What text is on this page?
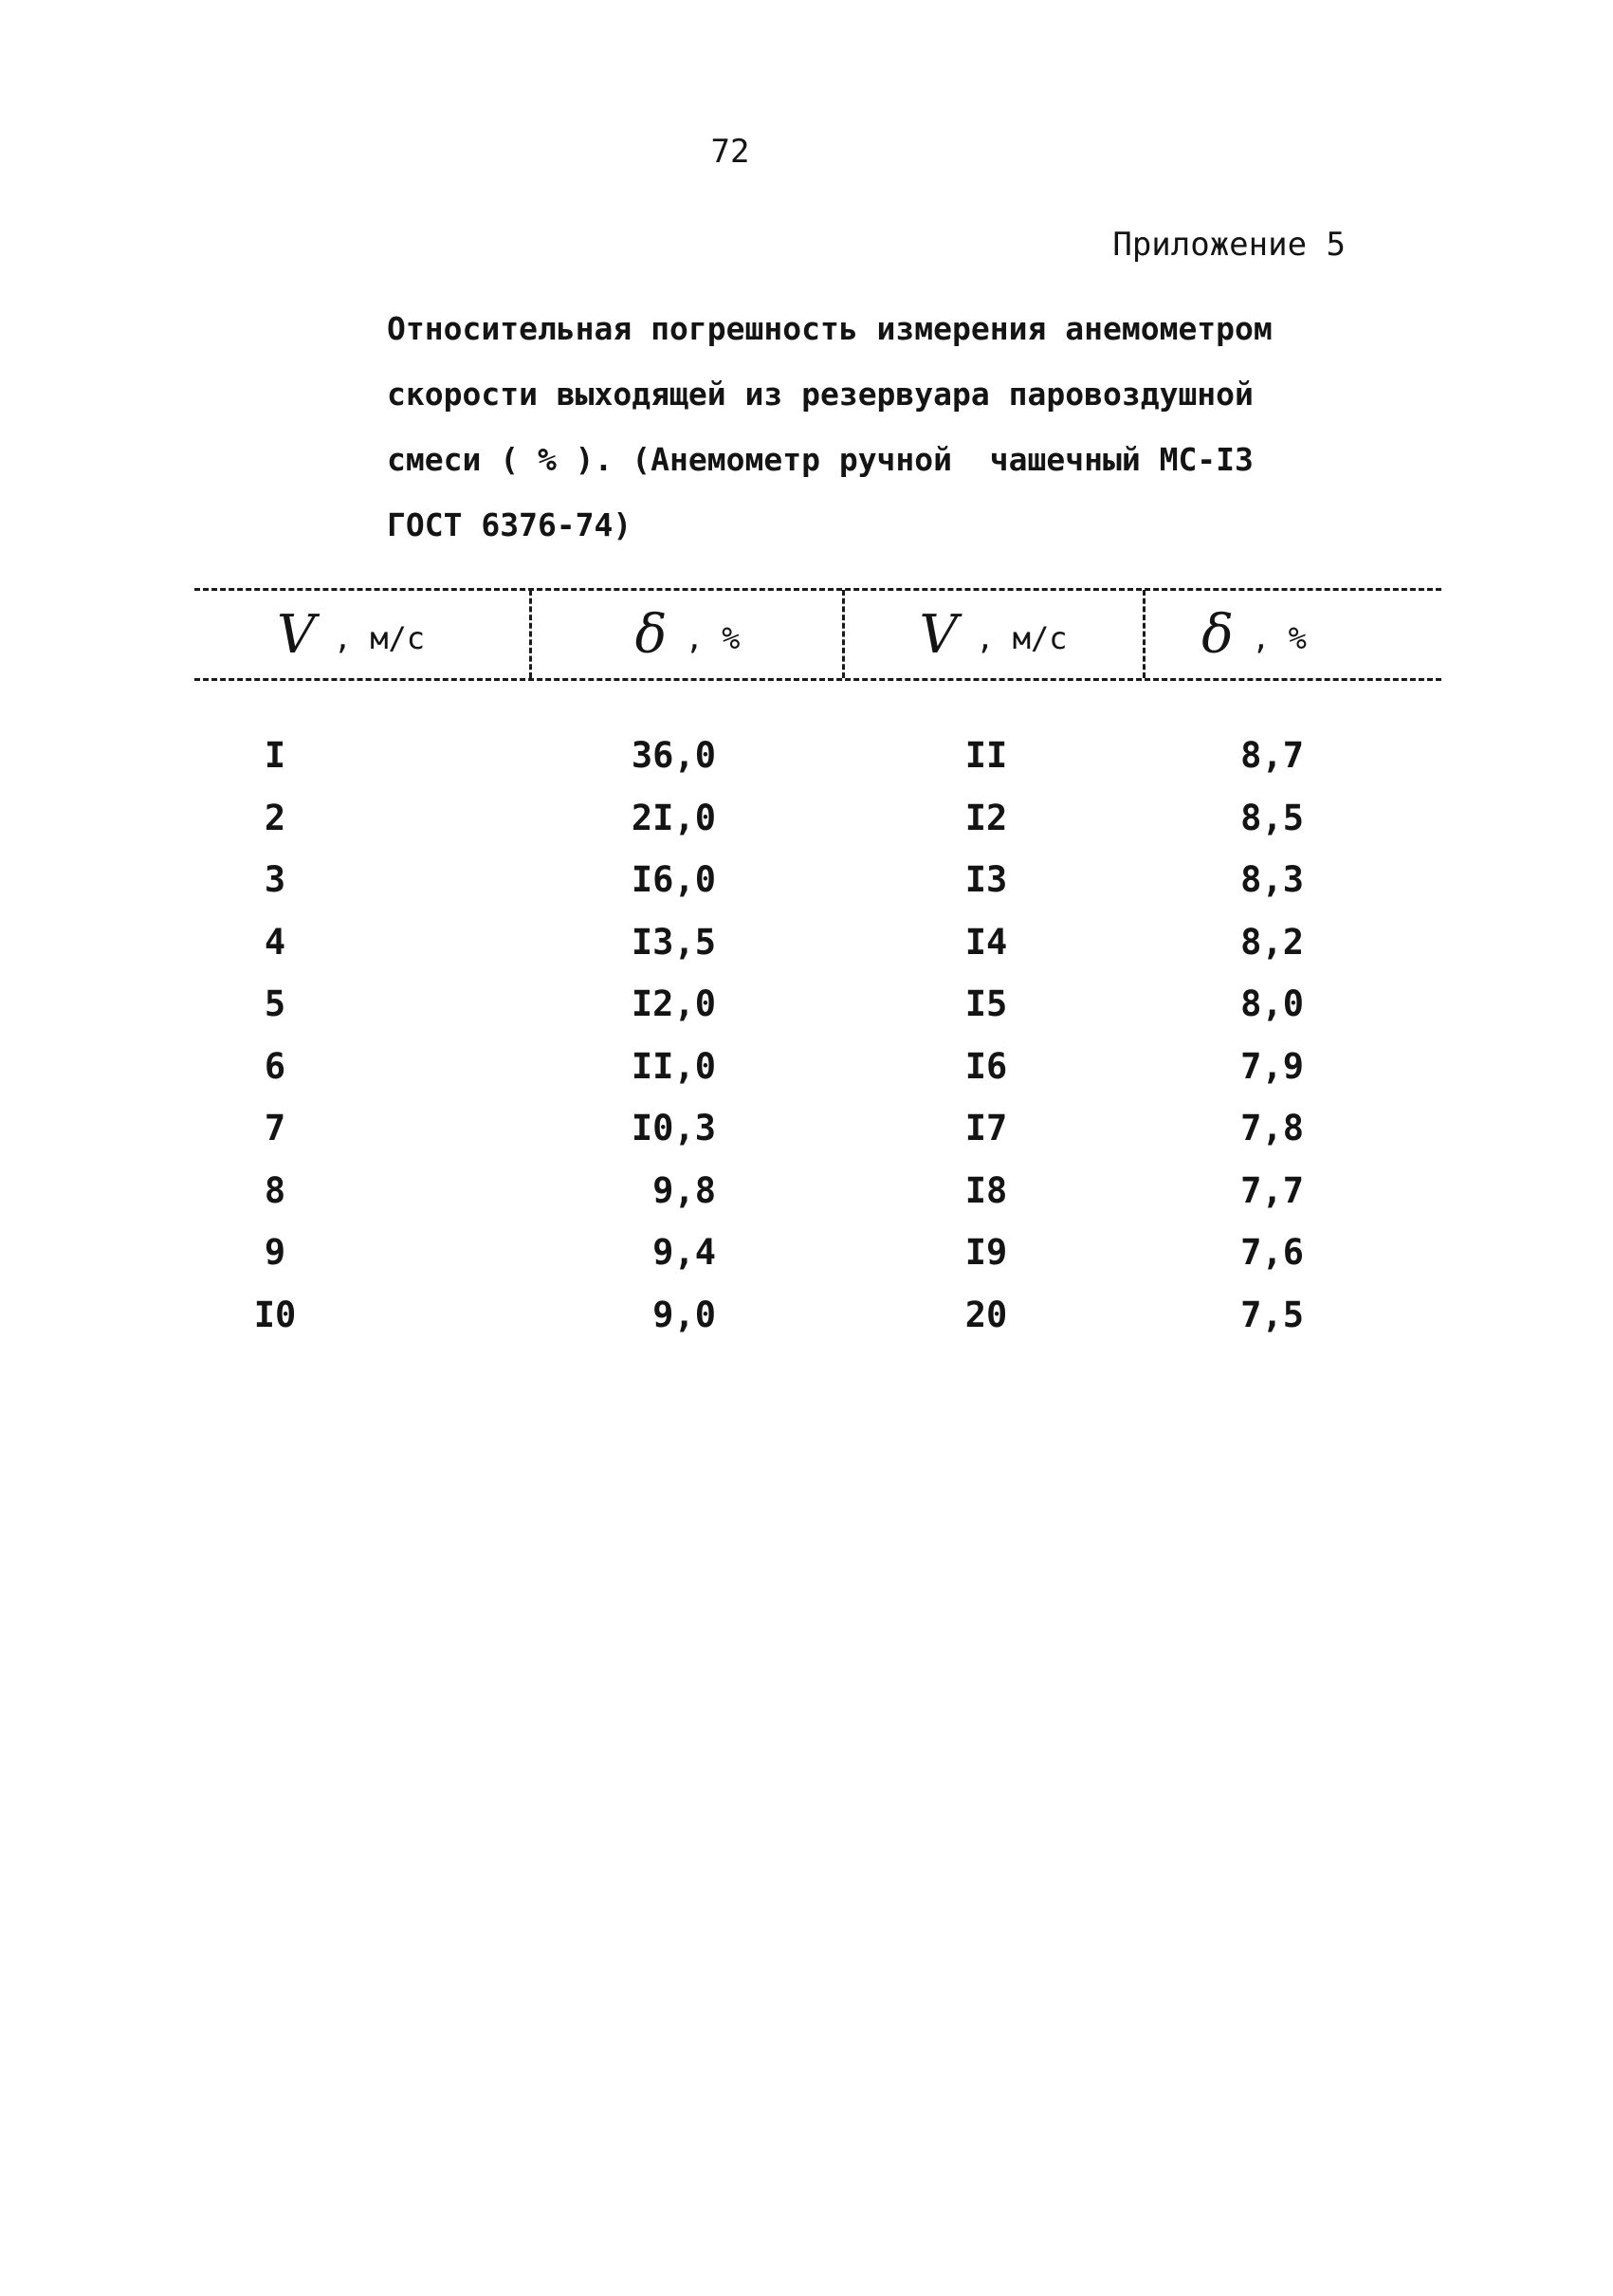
72
Приложение 5
Относительная погрешность измерения анемометром
скорости выходящей из резервуара паровоздушной
смеси ( % ). (Анемометр ручной  чашечный МС-I3
ГОСТ 6376-74)
V , м/с	δ , %	V , м/с	δ , %
I	36,0	II	8,7
2	2I,0	I2	8,5
3	I6,0	I3	8,3
4	I3,5	I4	8,2
5	I2,0	I5	8,0
6	II,0	I6	7,9
7	I0,3	I7	7,8
8	9,8	I8	7,7
9	9,4	I9	7,6
I0	9,0	20	7,5
